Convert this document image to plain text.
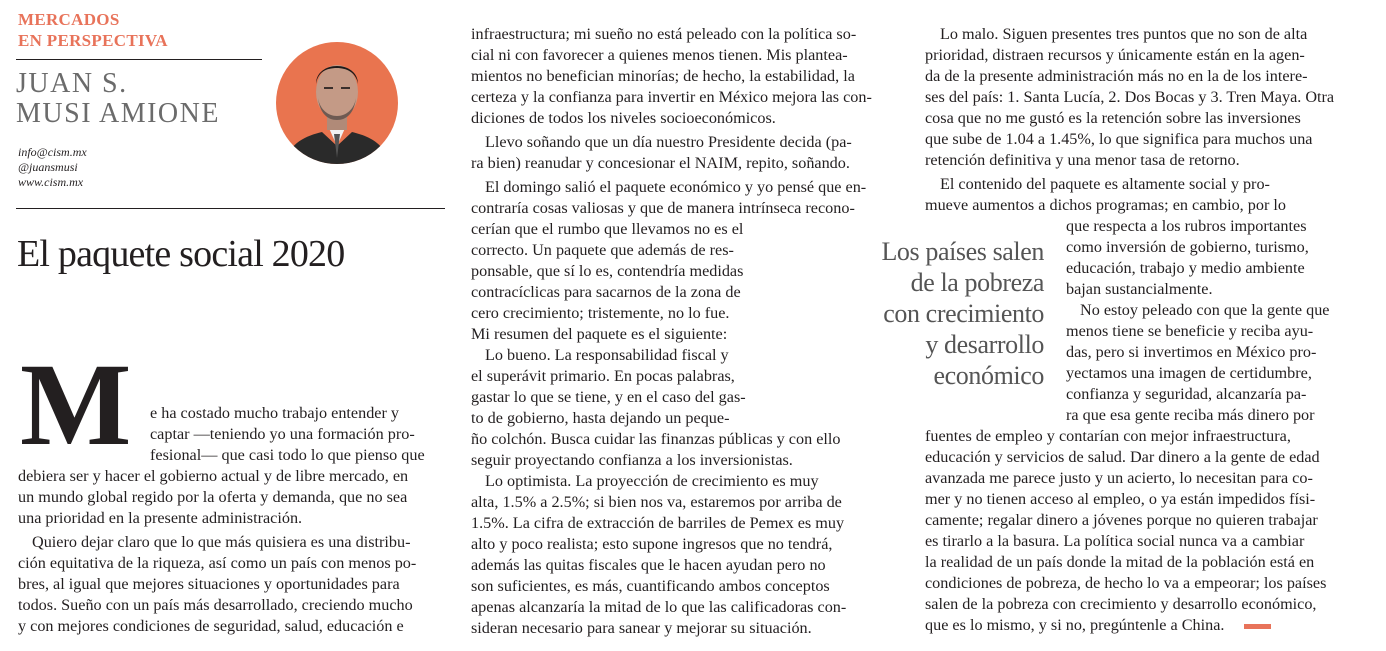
MERCADOS
EN PERSPECTIVA
JUAN S.
MUSI AMIONE
info@cism.mx
@juansmusi
www.cism.mx
El paquete social 2020
M e ha costado mucho trabajo entender y
captar —teniendo yo una formación pro-
fesional— que casi todo lo que pienso que
debiera ser y hacer el gobierno actual y de libre mercado, en
un mundo global regido por la oferta y demanda, que no sea
una prioridad en la presente administración.
Quiero dejar claro que lo que más quisiera es una distribu-
ción equitativa de la riqueza, así como un país con menos po-
bres, al igual que mejores situaciones y oportunidades para
todos. Sueño con un país más desarrollado, creciendo mucho
y con mejores condiciones de seguridad, salud, educación e
infraestructura; mi sueño no está peleado con la política so-
cial ni con favorecer a quienes menos tienen. Mis plantea-
mientos no benefician minorías; de hecho, la estabilidad, la
certeza y la confianza para invertir en México mejora las con-
diciones de todos los niveles socioeconómicos.
Llevo soñando que un día nuestro Presidente decida (pa-
ra bien) reanudar y concesionar el NAIM, repito, soñando.
El domingo salió el paquete económico y yo pensé que en-
contraría cosas valiosas y que de manera intrínseca recono-
cerían que el rumbo que llevamos no es el
correcto. Un paquete que además de res-
ponsable, que sí lo es, contendría medidas
contracíclicas para sacarnos de la zona de
cero crecimiento; tristemente, no lo fue.
Mi resumen del paquete es el siguiente:
Lo bueno. La responsabilidad fiscal y
el superávit primario. En pocas palabras,
gastar lo que se tiene, y en el caso del gas-
to de gobierno, hasta dejando un peque-
ño colchón. Busca cuidar las finanzas públicas y con ello
seguir proyectando confianza a los inversionistas.
Lo optimista. La proyección de crecimiento es muy
alta, 1.5% a 2.5%; si bien nos va, estaremos por arriba de
1.5%. La cifra de extracción de barriles de Pemex es muy
alto y poco realista; esto supone ingresos que no tendrá,
además las quitas fiscales que le hacen ayudan pero no
son suficientes, es más, cuantificando ambos conceptos
apenas alcanzaría la mitad de lo que las calificadoras con-
sideran necesario para sanear y mejorar su situación.
Los países salen
de la pobreza
con crecimiento
y desarrollo
económico
Lo malo. Siguen presentes tres puntos que no son de alta
prioridad, distraen recursos y únicamente están en la agen-
da de la presente administración más no en la de los intere-
ses del país: 1. Santa Lucía, 2. Dos Bocas y 3. Tren Maya. Otra
cosa que no me gustó es la retención sobre las inversiones
que sube de 1.04 a 1.45%, lo que significa para muchos una
retención definitiva y una menor tasa de retorno.
El contenido del paquete es altamente social y pro-
mueve aumentos a dichos programas; en cambio, por lo
que respecta a los rubros importantes
como inversión de gobierno, turismo,
educación, trabajo y medio ambiente
bajan sustancialmente.
No estoy peleado con que la gente que
menos tiene se beneficie y reciba ayu-
das, pero si invertimos en México pro-
yectamos una imagen de certidumbre,
confianza y seguridad, alcanzaría pa-
ra que esa gente reciba más dinero por
fuentes de empleo y contarían con mejor infraestructura,
educación y servicios de salud. Dar dinero a la gente de edad
avanzada me parece justo y un acierto, lo necesitan para co-
mer y no tienen acceso al empleo, o ya están impedidos físi-
camente; regalar dinero a jóvenes porque no quieren trabajar
es tirarlo a la basura. La política social nunca va a cambiar
la realidad de un país donde la mitad de la población está en
condiciones de pobreza, de hecho lo va a empeorar; los países
salen de la pobreza con crecimiento y desarrollo económico,
que es lo mismo, y si no, pregúntenle a China.
